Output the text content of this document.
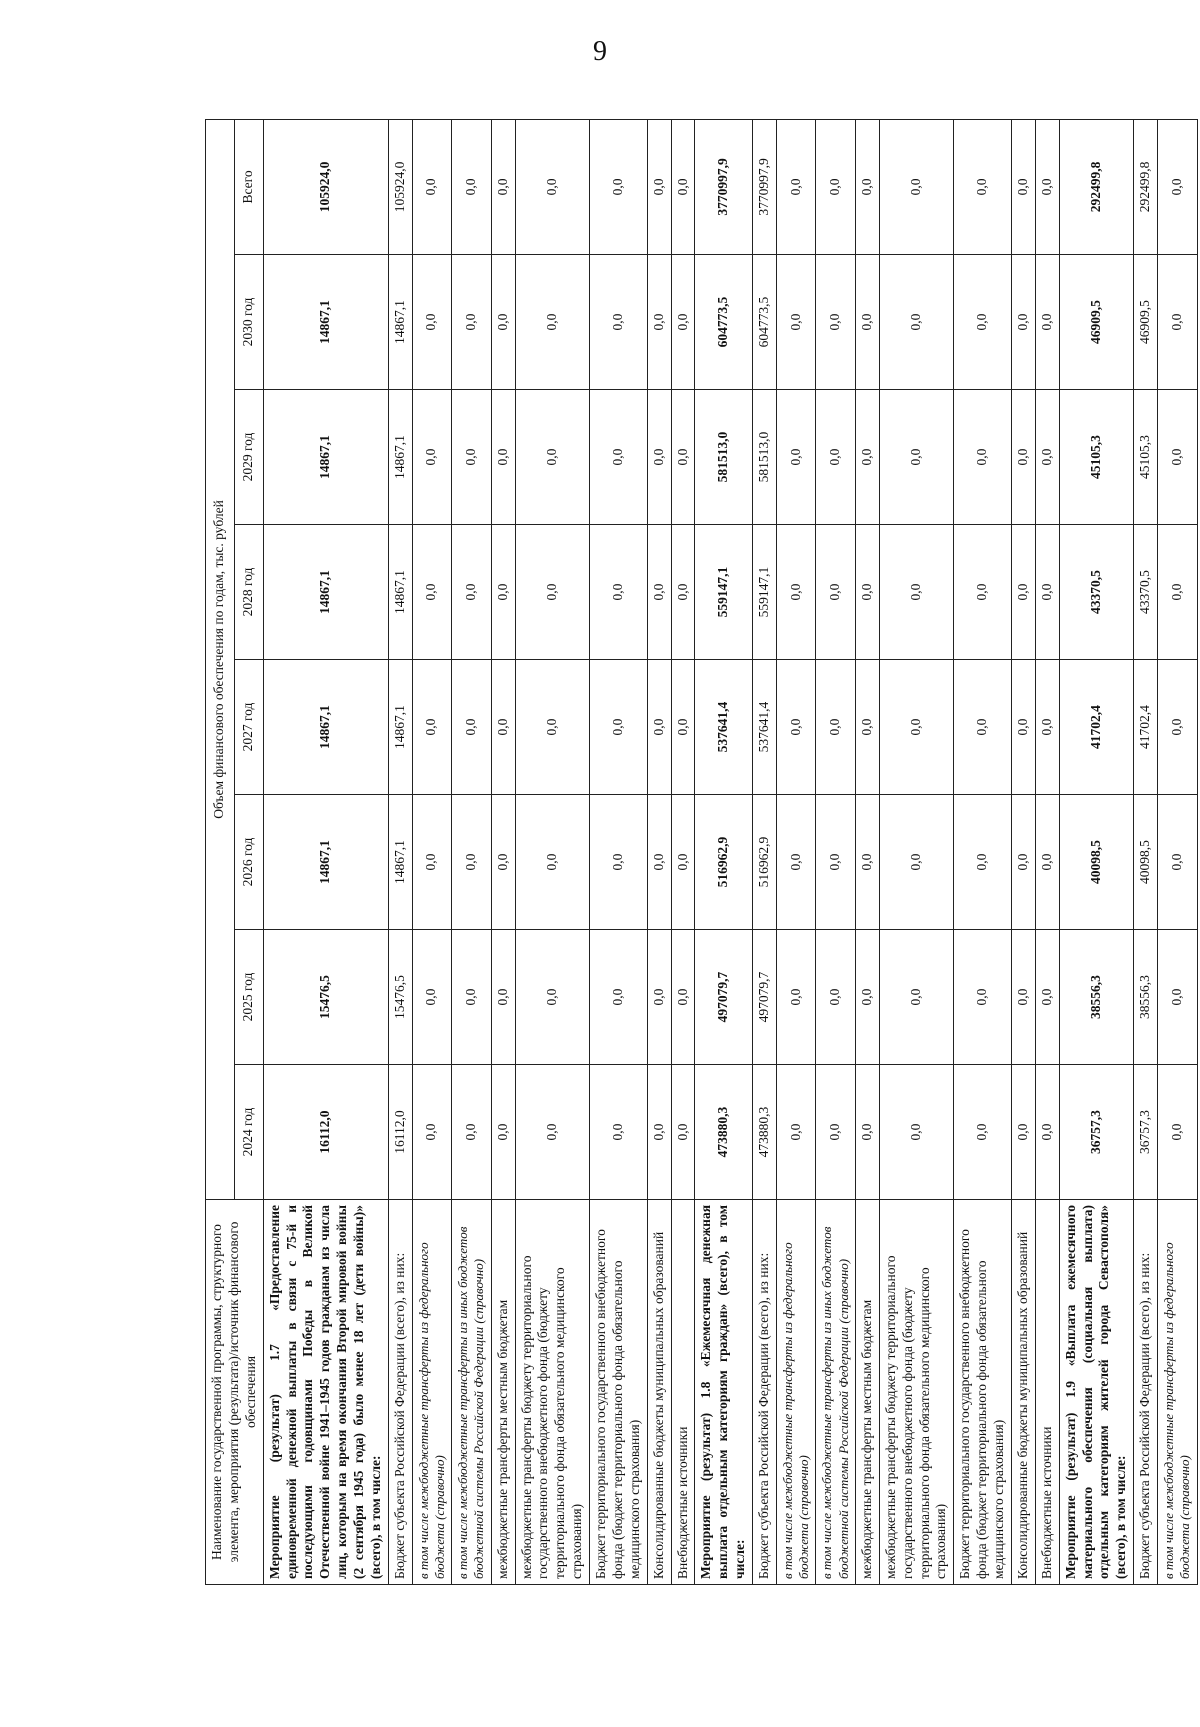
9
Наименование государственной программы, структурного элемента, мероприятия (результата)/источник финансового обеспечения	Объем финансового обеспечения по годам, тыс. рублей							
	2024 год	2025 год	2026 год	2027 год	2028 год	2029 год	2030 год	Всего
Мероприятие (результат) 1.7 «Предоставление единовременной денежной выплаты в связи с 75-й и последующими годовщинами Победы в Великой Отечественной войне 1941–1945 годов гражданам из числа лиц, которым на время окончания Второй мировой войны (2 сентября 1945 года) было менее 18 лет (дети войны)» (всего), в том числе:	16112,0	15476,5	14867,1	14867,1	14867,1	14867,1	14867,1	105924,0
Бюджет субъекта Российской Федерации (всего), из них:	16112,0	15476,5	14867,1	14867,1	14867,1	14867,1	14867,1	105924,0
в том числе межбюджетные трансферты из федерального бюджета (справочно)	0,0	0,0	0,0	0,0	0,0	0,0	0,0	0,0
в том числе межбюджетные трансферты из иных бюджетов бюджетной системы Российской Федерации (справочно)	0,0	0,0	0,0	0,0	0,0	0,0	0,0	0,0
межбюджетные трансферты местным бюджетам	0,0	0,0	0,0	0,0	0,0	0,0	0,0	0,0
межбюджетные трансферты бюджету территориального государственного внебюджетного фонда (бюджету территориального фонда обязательного медицинского страхования)	0,0	0,0	0,0	0,0	0,0	0,0	0,0	0,0
Бюджет территориального государственного внебюджетного фонда (бюджет территориального фонда обязательного медицинского страхования)	0,0	0,0	0,0	0,0	0,0	0,0	0,0	0,0
Консолидированные бюджеты муниципальных образований	0,0	0,0	0,0	0,0	0,0	0,0	0,0	0,0
Внебюджетные источники	0,0	0,0	0,0	0,0	0,0	0,0	0,0	0,0
Мероприятие (результат) 1.8 «Ежемесячная денежная выплата отдельным категориям граждан» (всего), в том числе:	473880,3	497079,7	516962,9	537641,4	559147,1	581513,0	604773,5	3770997,9
Бюджет субъекта Российской Федерации (всего), из них:	473880,3	497079,7	516962,9	537641,4	559147,1	581513,0	604773,5	3770997,9
в том числе межбюджетные трансферты из федерального бюджета (справочно)	0,0	0,0	0,0	0,0	0,0	0,0	0,0	0,0
в том числе межбюджетные трансферты из иных бюджетов бюджетной системы Российской Федерации (справочно)	0,0	0,0	0,0	0,0	0,0	0,0	0,0	0,0
межбюджетные трансферты местным бюджетам	0,0	0,0	0,0	0,0	0,0	0,0	0,0	0,0
межбюджетные трансферты бюджету территориального государственного внебюджетного фонда (бюджету территориального фонда обязательного медицинского страхования)	0,0	0,0	0,0	0,0	0,0	0,0	0,0	0,0
Бюджет территориального государственного внебюджетного фонда (бюджет территориального фонда обязательного медицинского страхования)	0,0	0,0	0,0	0,0	0,0	0,0	0,0	0,0
Консолидированные бюджеты муниципальных образований	0,0	0,0	0,0	0,0	0,0	0,0	0,0	0,0
Внебюджетные источники	0,0	0,0	0,0	0,0	0,0	0,0	0,0	0,0
Мероприятие (результат) 1.9 «Выплата ежемесячного материального обеспечения (социальная выплата) отдельным категориям жителей города Севастополя» (всего), в том числе:	36757,3	38556,3	40098,5	41702,4	43370,5	45105,3	46909,5	292499,8
Бюджет субъекта Российской Федерации (всего), из них:	36757,3	38556,3	40098,5	41702,4	43370,5	45105,3	46909,5	292499,8
в том числе межбюджетные трансферты из федерального бюджета (справочно)	0,0	0,0	0,0	0,0	0,0	0,0	0,0	0,0
